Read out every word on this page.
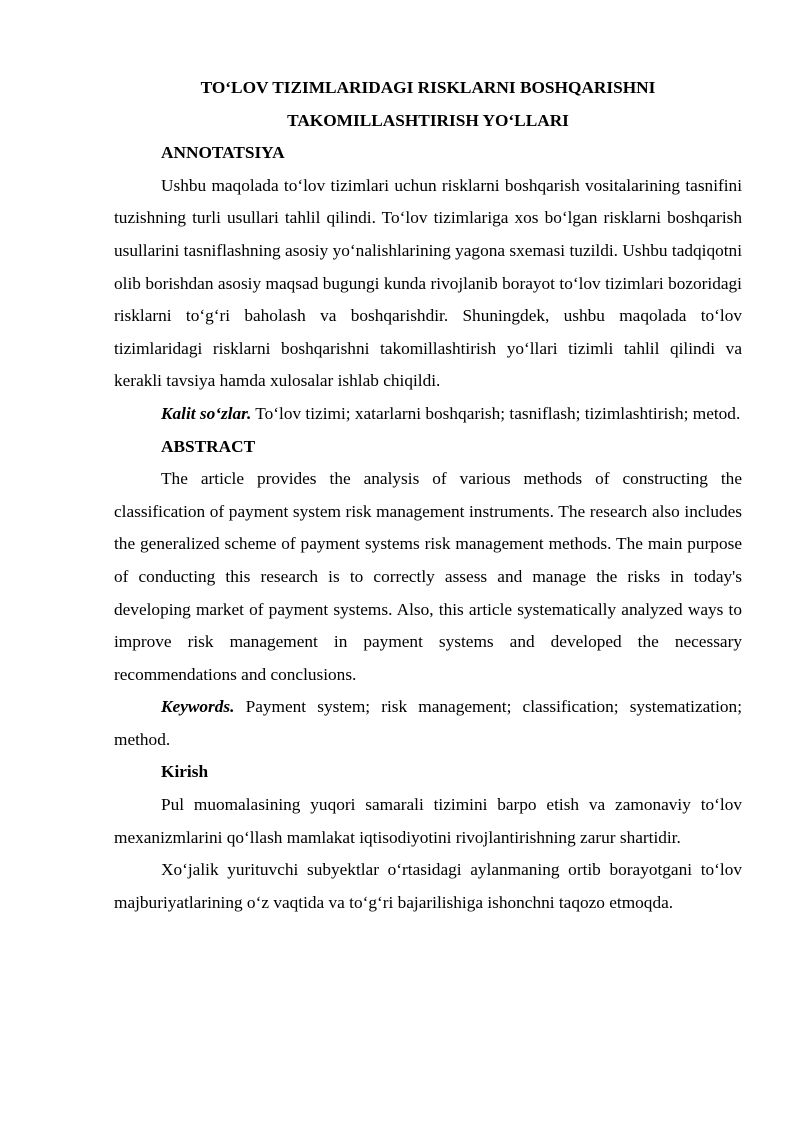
TO‘LOV TIZIMLARIDAGI RISKLARNI BOSHQARISHNI
TAKOMILLASHTIRISH YO‘LLARI

ANNOTATSIYA

Ushbu maqolada to‘lov tizimlari uchun risklarni boshqarish vositalarining tasnifini tuzishning turli usullari tahlil qilindi. To‘lov tizimlariga xos bo‘lgan risklarni boshqarish usullarini tasniflashning asosiy yo‘nalishlarining yagona sxemasi tuzildi. Ushbu tadqiqotni olib borishdan asosiy maqsad bugungi kunda rivojlanib borayot to‘lov tizimlari bozoridagi risklarni to‘g‘ri baholash va boshqarishdir. Shuningdek, ushbu maqolada to‘lov tizimlaridagi risklarni boshqarishni takomillashtirish yo‘llari tizimli tahlil qilindi va kerakli tavsiya hamda xulosalar ishlab chiqildi.

Kalit so‘zlar. To‘lov tizimi; xatarlarni boshqarish; tasniflash; tizimlashtirish; metod.

ABSTRACT

The article provides the analysis of various methods of constructing the classification of payment system risk management instruments. The research also includes the generalized scheme of payment systems risk management methods. The main purpose of conducting this research is to correctly assess and manage the risks in today's developing market of payment systems. Also, this article systematically analyzed ways to improve risk management in payment systems and developed the necessary recommendations and conclusions.

Keywords. Payment system; risk management; classification; systematization; method.

Kirish

Pul muomalasining yuqori samarali tizimini barpo etish va zamonaviy to‘lov mexanizmlarini qo‘llash mamlakat iqtisodiyotini rivojlantirishning zarur shartidir.

Xo‘jalik yurituvchi subyektlar o‘rtasidagi aylanmaning ortib borayotgani to‘lov majburiyatlarining o‘z vaqtida va to‘g‘ri bajarilishiga ishonchni taqozo etmoqda.
